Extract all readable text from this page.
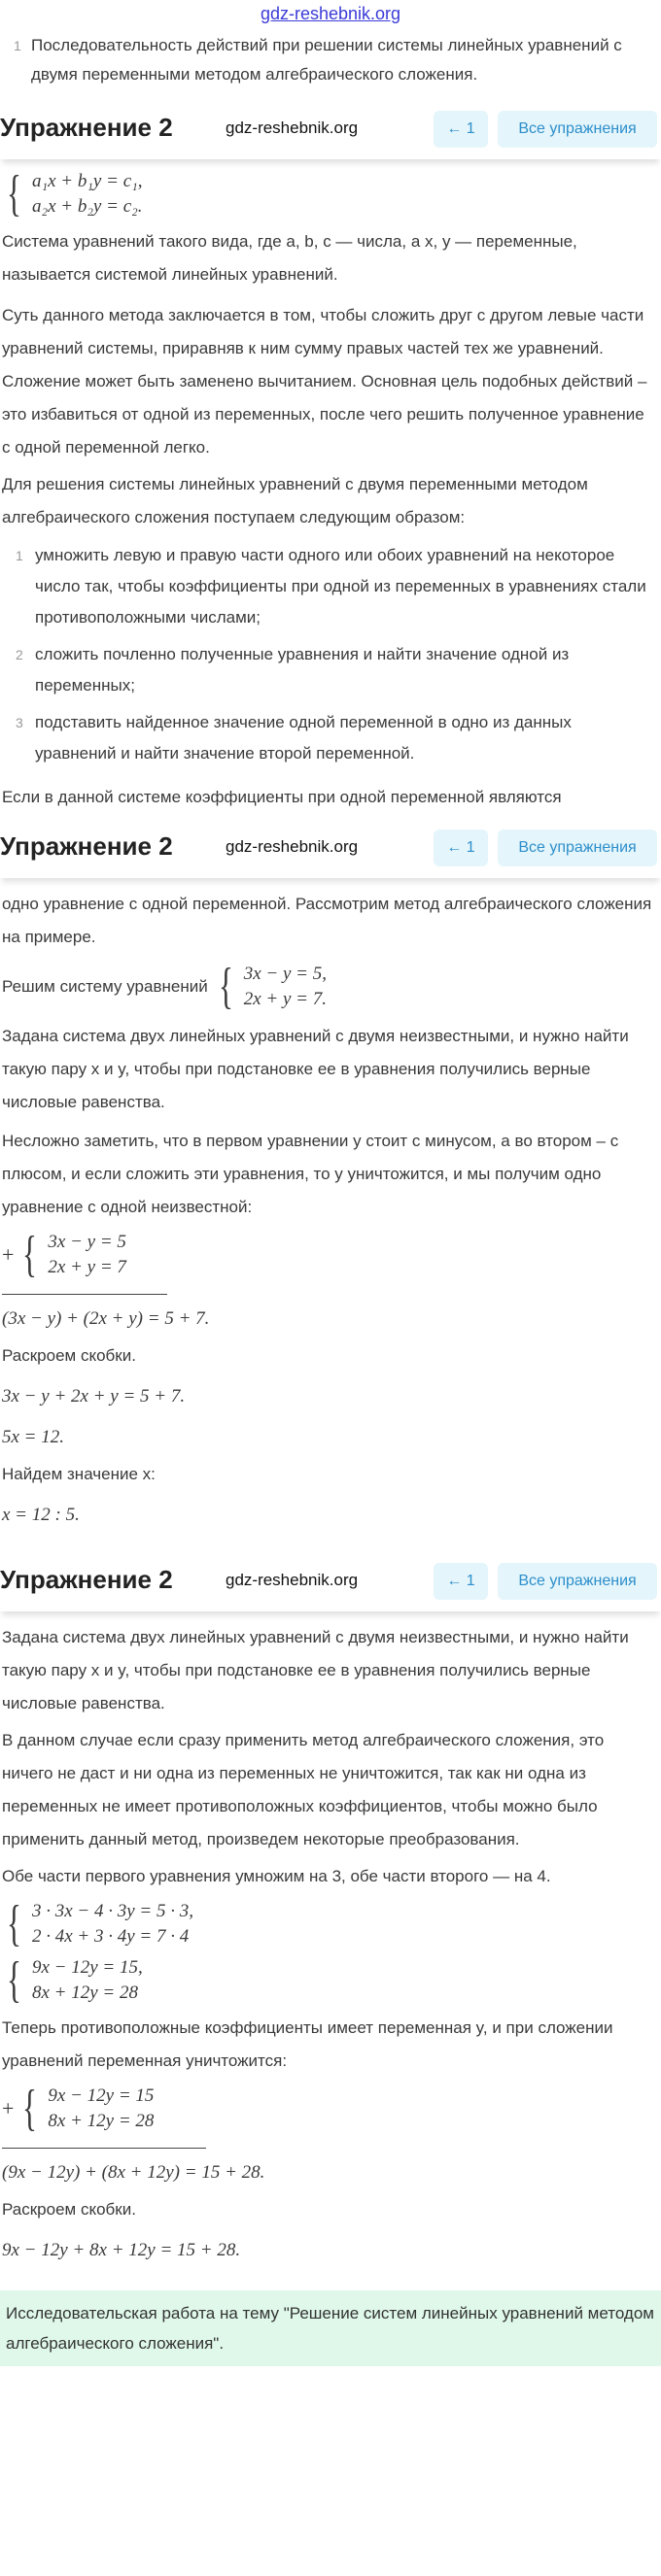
gdz-reshebnik.org
1 Последовательность действий при решении системы линейных уравнений с двумя переменными методом алгебраического сложения.
Упражнение 2	gdz-reshebnik.org	← 1	Все упражнения
{ a₁x + b₁y = c₁,
a₂x + b₂y = c₂.

Система уравнений такого вида, где a, b, c — числа, а x, y — переменные, называется системой линейных уравнений.

Суть данного метода заключается в том, чтобы сложить друг с другом левые части уравнений системы, приравняв к ним сумму правых частей тех же уравнений. Сложение может быть заменено вычитанием. Основная цель подобных действий – это избавиться от одной из переменных, после чего решить полученное уравнение с одной переменной легко.

Для решения системы линейных уравнений с двумя переменными методом алгебраического сложения поступаем следующим образом:

1 умножить левую и правую части одного или обоих уравнений на некоторое число так, чтобы коэффициенты при одной из переменных в уравнениях стали противоположными числами;
2 сложить почленно полученные уравнения и найти значение одной из переменных;
3 подставить найденное значение одной переменной в одно из данных уравнений и найти значение второй переменной.

Если в данной системе коэффициенты при одной переменной являются

Упражнение 2	gdz-reshebnik.org	← 1	Все упражнения

одно уравнение с одной переменной. Рассмотрим метод алгебраического сложения на примере.

Решим систему уравнений { 3x − y = 5,
2x + y = 7.

Задана система двух линейных уравнений с двумя неизвестными, и нужно найти такую пару x и y, чтобы при подстановке ее в уравнения получились верные числовые равенства.

Несложно заметить, что в первом уравнении y стоит с минусом, а во втором – с плюсом, и если сложить эти уравнения, то y уничтожится, и мы получим одно уравнение с одной неизвестной:

+ { 3x − y = 5
2x + y = 7
(3x − y) + (2x + y) = 5 + 7.

Раскроем скобки.

3x − y + 2x + y = 5 + 7.
5x = 12.

Найдем значение x:

x = 12 : 5.
Упражнение 2	gdz-reshebnik.org	← 1	Все упражнения

Задана система двух линейных уравнений с двумя неизвестными, и нужно найти такую пару x и y, чтобы при подстановке ее в уравнения получились верные числовые равенства.

В данном случае если сразу применить метод алгебраического сложения, это ничего не даст и ни одна из переменных не уничтожится, так как ни одна из переменных не имеет противоположных коэффициентов, чтобы можно было применить данный метод, произведем некоторые преобразования.

Обе части первого уравнения умножим на 3, обе части второго — на 4.

{ 3 · 3x − 4 · 3y = 5 · 3,
2 · 4x + 3 · 4y = 7 · 4
{ 9x − 12y = 15,
8x + 12y = 28

Теперь противоположные коэффициенты имеет переменная y, и при сложении уравнений переменная уничтожится:

+ { 9x − 12y = 15
8x + 12y = 28
(9x − 12y) + (8x + 12y) = 15 + 28.

Раскроем скобки.

9x − 12y + 8x + 12y = 15 + 28.
Исследовательская работа на тему "Решение систем линейных уравнений методом алгебраического сложения".
